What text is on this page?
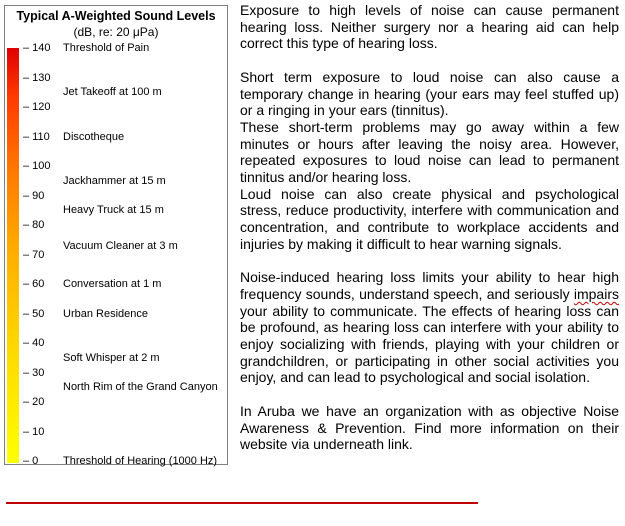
Typical A-Weighted Sound Levels
(dB, re: 20 μPa)
– 140 Threshold of Pain
– 130
Jet Takeoff at 100 m
– 120
– 110 Discotheque
– 100
Jackhammer at 15 m
– 90
Heavy Truck at 15 m
– 80
Vacuum Cleaner at 3 m
– 70
– 60 Conversation at 1 m
– 50 Urban Residence
– 40
Soft Whisper at 2 m
– 30
North Rim of the Grand Canyon
– 20
– 10
– 0 Threshold of Hearing (1000 Hz)

Exposure to high levels of noise can cause permanent hearing loss. Neither surgery nor a hearing aid can help correct this type of hearing loss.

Short term exposure to loud noise can also cause a temporary change in hearing (your ears may feel stuffed up) or a ringing in your ears (tinnitus).

These short-term problems may go away within a few minutes or hours after leaving the noisy area. However, repeated exposures to loud noise can lead to permanent tinnitus and/or hearing loss.

Loud noise can also create physical and psychological stress, reduce productivity, interfere with communication and concentration, and contribute to workplace accidents and injuries by making it difficult to hear warning signals.

Noise-induced hearing loss limits your ability to hear high frequency sounds, understand speech, and seriously impairs your ability to communicate. The effects of hearing loss can be profound, as hearing loss can interfere with your ability to enjoy socializing with friends, playing with your children or grandchildren, or participating in other social activities you enjoy, and can lead to psychological and social isolation.

In Aruba we have an organization with as objective Noise Awareness & Prevention. Find more information on their website via underneath link.
